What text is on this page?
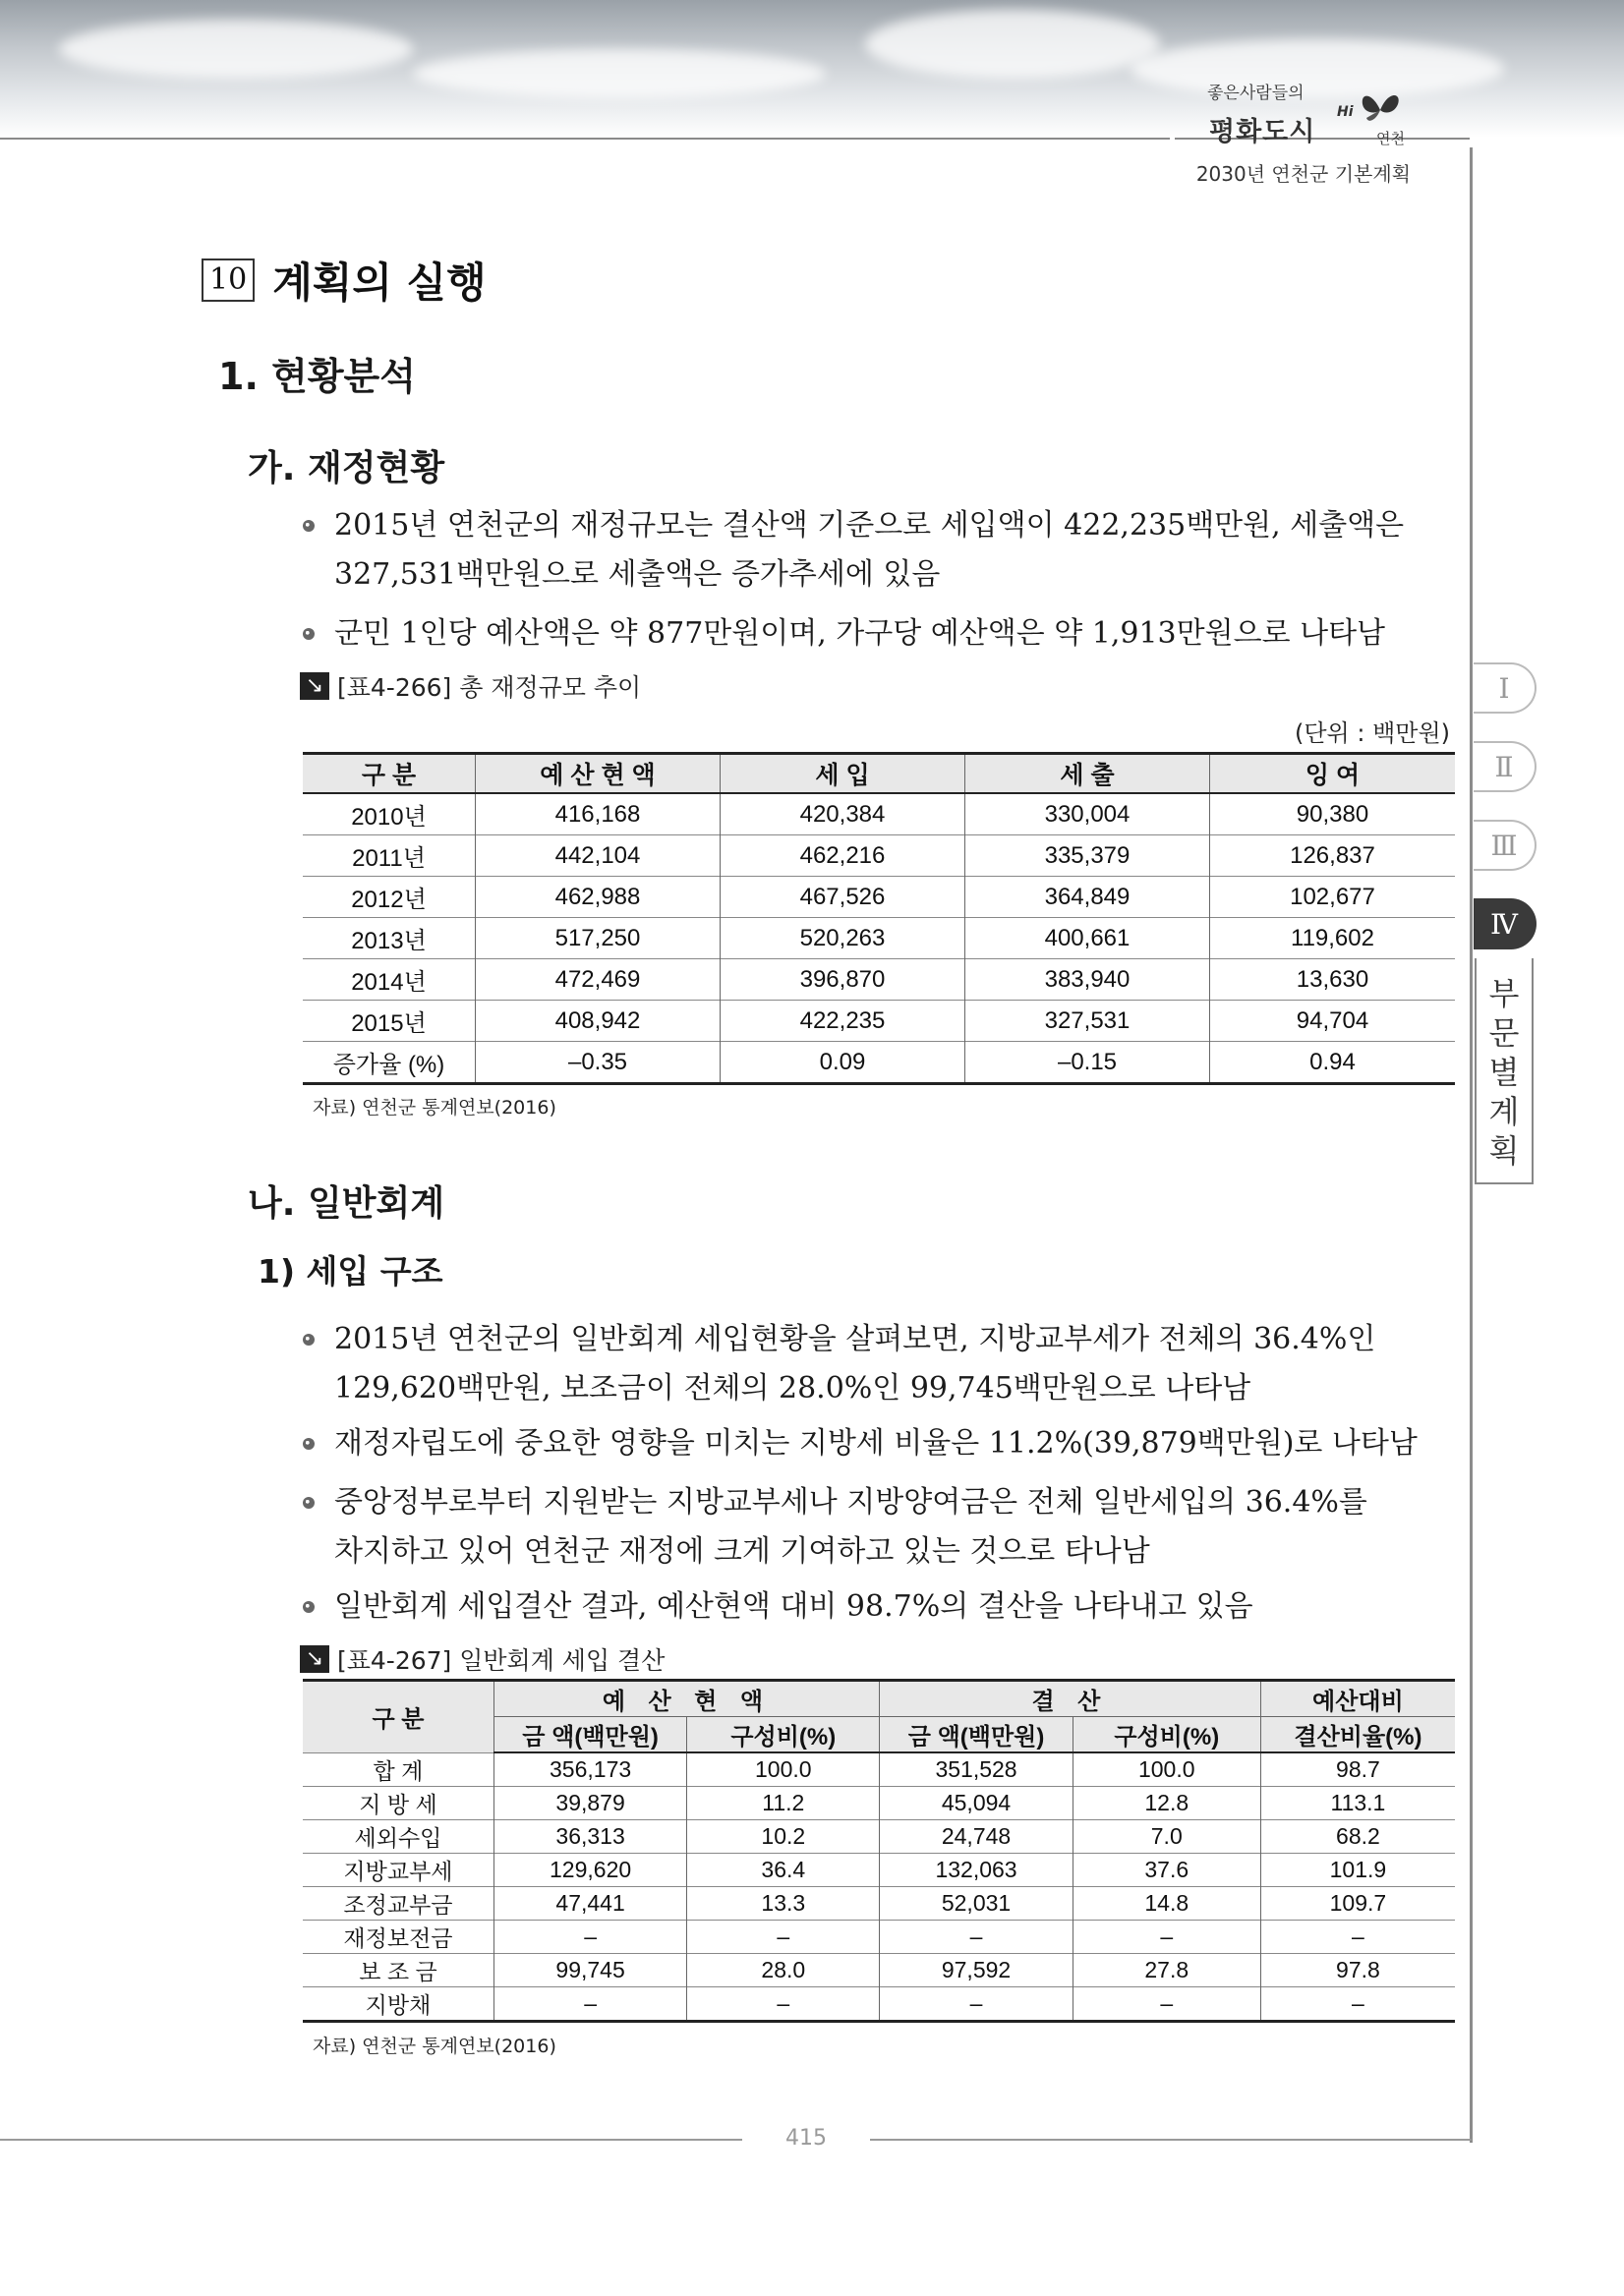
좋은사람들의
평화도시
Hi
연천
2030년 연천군 기본계획
Ⅰ
Ⅱ
Ⅲ
Ⅳ
부
문
별
계
획
10 계획의 실행
1. 현황분석
가. 재정현황
2015년 연천군의 재정규모는 결산액 기준으로 세입액이 422,235백만원, 세출액은
327,531백만원으로 세출액은 증가추세에 있음
군민 1인당 예산액은 약 877만원이며, 가구당 예산액은 약 1,913만원으로 나타남
↘ [표4-266] 총 재정규모 추이
(단위 : 백만원)
구 분	예 산 현 액	세 입	세 출	잉 여
2010년	416,168	420,384	330,004	90,380
2011년	442,104	462,216	335,379	126,837
2012년	462,988	467,526	364,849	102,677
2013년	517,250	520,263	400,661	119,602
2014년	472,469	396,870	383,940	13,630
2015년	408,942	422,235	327,531	94,704
증가율 (%)	–0.35	0.09	–0.15	0.94
자료) 연천군 통계연보(2016)
나. 일반회계
1) 세입 구조
2015년 연천군의 일반회계 세입현황을 살펴보면, 지방교부세가 전체의 36.4%인
129,620백만원, 보조금이 전체의 28.0%인 99,745백만원으로 나타남
재정자립도에 중요한 영향을 미치는 지방세 비율은 11.2%(39,879백만원)로 나타남
중앙정부로부터 지원받는 지방교부세나 지방양여금은 전체 일반세입의 36.4%를
차지하고 있어 연천군 재정에 크게 기여하고 있는 것으로 타나남
일반회계 세입결산 결과, 예산현액 대비 98.7%의 결산을 나타내고 있음
↘ [표4-267] 일반회계 세입 결산
구 분	예 산 현 액		결 산		예산대비
	금 액(백만원)	구성비(%)	금 액(백만원)	구성비(%)	결산비율(%)
합 계	356,173	100.0	351,528	100.0	98.7
지 방 세	39,879	11.2	45,094	12.8	113.1
세외수입	36,313	10.2	24,748	7.0	68.2
지방교부세	129,620	36.4	132,063	37.6	101.9
조정교부금	47,441	13.3	52,031	14.8	109.7
재정보전금	–	–	–	–	–
보 조 금	99,745	28.0	97,592	27.8	97.8
지방채	–	–	–	–	–
자료) 연천군 통계연보(2016)
415
